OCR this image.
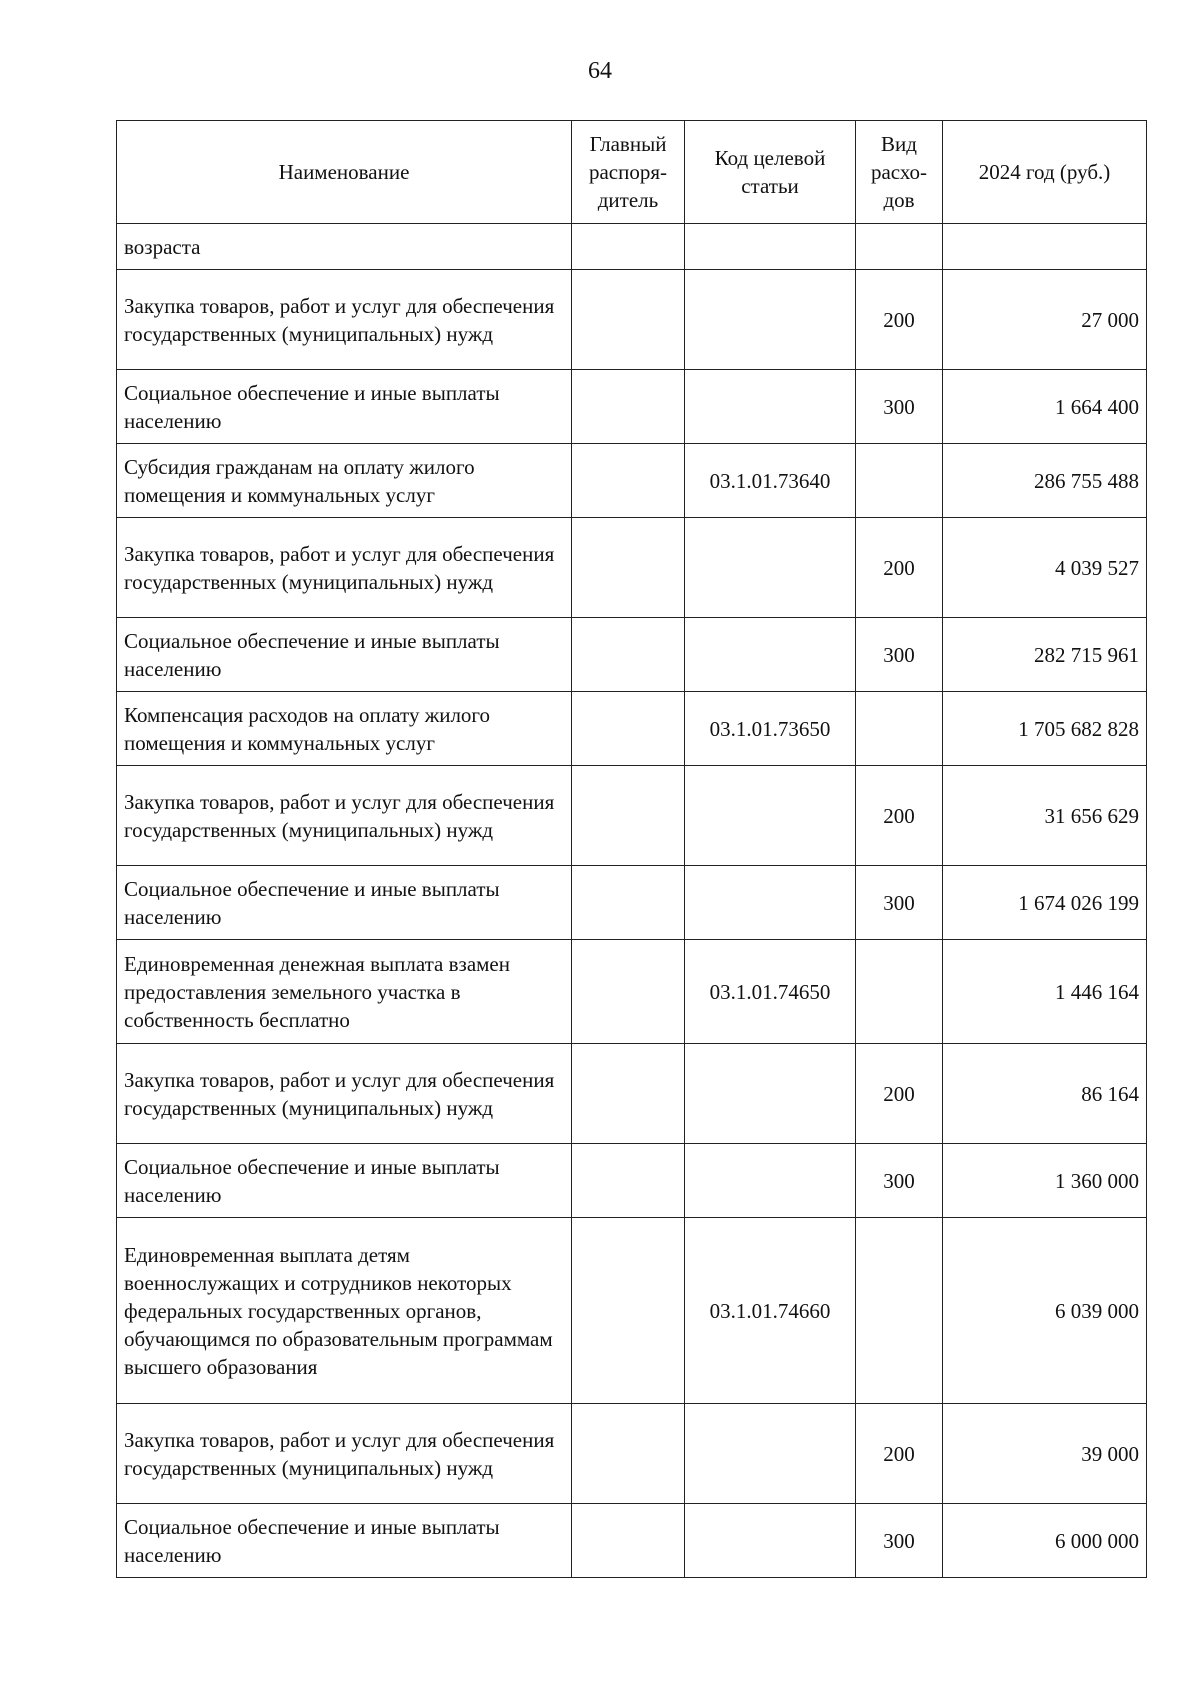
64
Наименование	Главный распоря-дитель	Код целевой статьи	Вид расхо-дов	2024 год (руб.)
возраста				
Закупка товаров, работ и услуг для обеспечения государственных (муниципальных) нужд			200	27 000
Социальное обеспечение и иные выплаты населению			300	1 664 400
Субсидия гражданам на оплату жилого помещения и коммунальных услуг		03.1.01.73640		286 755 488
Закупка товаров, работ и услуг для обеспечения государственных (муниципальных) нужд			200	4 039 527
Социальное обеспечение и иные выплаты населению			300	282 715 961
Компенсация расходов на оплату жилого помещения и коммунальных услуг		03.1.01.73650		1 705 682 828
Закупка товаров, работ и услуг для обеспечения государственных (муниципальных) нужд			200	31 656 629
Социальное обеспечение и иные выплаты населению			300	1 674 026 199
Единовременная денежная выплата взамен предоставления земельного участка в собственность бесплатно		03.1.01.74650		1 446 164
Закупка товаров, работ и услуг для обеспечения государственных (муниципальных) нужд			200	86 164
Социальное обеспечение и иные выплаты населению			300	1 360 000
Единовременная выплата детям военнослужащих и сотрудников некоторых федеральных государственных органов, обучающимся по образовательным программам высшего образования		03.1.01.74660		6 039 000
Закупка товаров, работ и услуг для обеспечения государственных (муниципальных) нужд			200	39 000
Социальное обеспечение и иные выплаты населению			300	6 000 000
